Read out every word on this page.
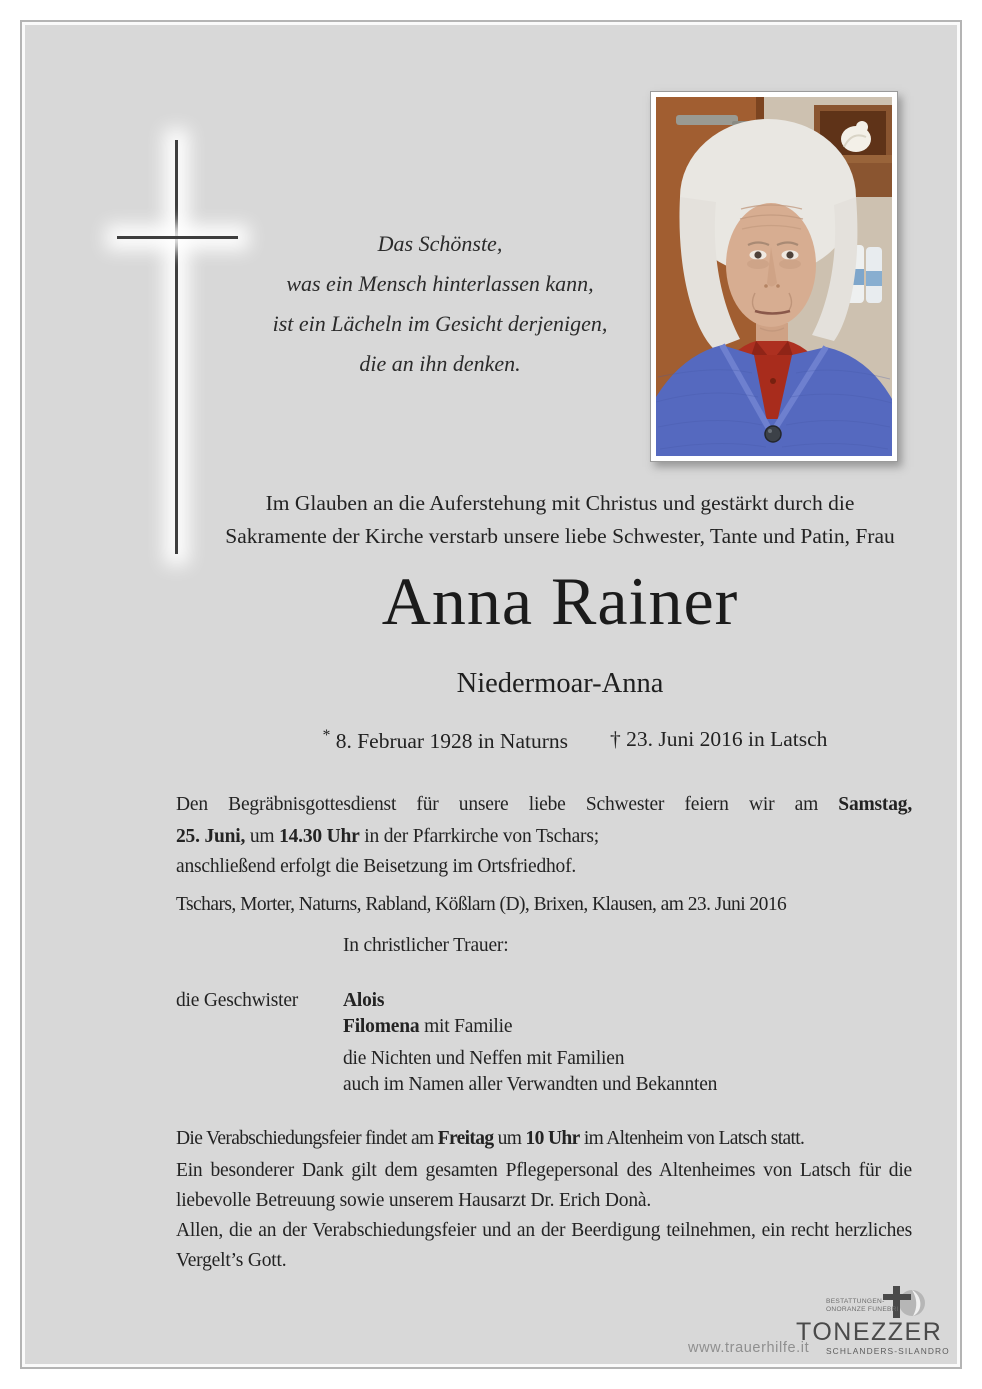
Das Schönste,
was ein Mensch hinterlassen kann,
ist ein Lächeln im Gesicht derjenigen,
die an ihn denken.
Im Glauben an die Auferstehung mit Christus und gestärkt durch die
Sakramente der Kirche verstarb unsere liebe Schwester, Tante und Patin, Frau
Anna Rainer
Niedermoar-Anna
* 8. Februar 1928 in Naturns † 23. Juni 2016 in Latsch
Den Begräbnisgottesdienst für unsere liebe Schwester feiern wir am Samstag,
25. Juni, um 14.30 Uhr in der Pfarrkirche von Tschars;
anschließend erfolgt die Beisetzung im Ortsfriedhof.
Tschars, Morter, Naturns, Rabland, Kößlarn (D), Brixen, Klausen, am 23. Juni 2016
In christlicher Trauer:
die Geschwister Alois
Filomena mit Familie
die Nichten und Neffen mit Familien
auch im Namen aller Verwandten und Bekannten
Die Verabschiedungsfeier findet am Freitag um 10 Uhr im Altenheim von Latsch statt.
Ein besonderer Dank gilt dem gesamten Pflegepersonal des Altenheimes von Latsch für die liebevolle Betreuung sowie unserem Hausarzt Dr. Erich Donà.
Allen, die an der Verabschiedungsfeier und an der Beerdigung teilnehmen, ein recht herzliches Vergelt’s Gott.
www.trauerhilfe.it
BESTATTUNGEN-
ONORANZE FUNEBRI
TONEZZER
SCHLANDERS-SILANDRO
